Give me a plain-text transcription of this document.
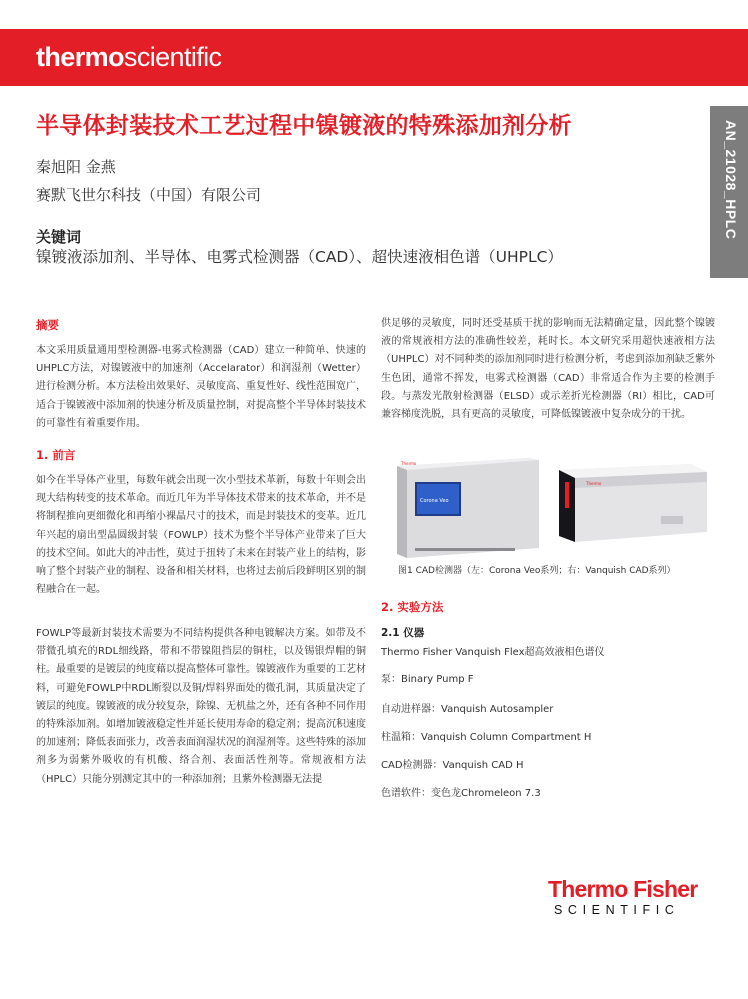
thermoscientific
AN_21028_HPLC
半导体封装技术工艺过程中镍镀液的特殊添加剂分析
秦旭阳 金燕
赛默飞世尔科技（中国）有限公司
关键词
镍镀液添加剂、半导体、电雾式检测器（CAD）、超快速液相色谱（UHPLC）
摘要
本文采用质量通用型检测器-电雾式检测器（CAD）建立一种简单、快速的UHPLC方法，对镍镀液中的加速剂（Accelarator）和润湿剂（Wetter）进行检测分析。本方法检出效果好、灵敏度高、重复性好、线性范围宽广，适合于镍镀液中添加剂的快速分析及质量控制，对提高整个半导体封装技术的可靠性有着重要作用。
1. 前言
如今在半导体产业里，每数年就会出现一次小型技术革新，每数十年则会出现大结构转变的技术革命。而近几年为半导体技术带来的技术革命，并不是将制程推向更细微化和再缩小裸晶尺寸的技术，而是封装技术的变革。近几年兴起的扇出型晶圆级封装（FOWLP）技术为整个半导体产业带来了巨大的技术空间。如此大的冲击性，莫过于扭转了未来在封装产业上的结构，影响了整个封装产业的制程、设备和相关材料，也将过去前后段鲜明区别的制程融合在一起。
FOWLP等最新封装技术需要为不同结构提供各种电镀解决方案。如带及不带微孔填充的RDL细线路，带和不带镍阻挡层的铜柱，以及锡银焊帽的铜柱。最重要的是镀层的纯度藉以提高整体可靠性。镍镀液作为重要的工艺材料，可避免FOWLP中RDL断裂以及铜/焊料界面处的微孔洞，其质量决定了镀层的纯度。镍镀液的成分较复杂，除镍、无机盐之外，还有各种不同作用的特殊添加剂。如增加镀液稳定性并延长使用寿命的稳定剂；提高沉积速度的加速剂；降低表面张力，改善表面润湿状况的润湿剂等。这些特殊的添加剂多为弱紫外吸收的有机酸、络合剂、表面活性剂等。常规液相方法（HPLC）只能分别测定其中的一种添加剂；且紫外检测器无法提
供足够的灵敏度，同时还受基质干扰的影响而无法精确定量，因此整个镍镀液的常规液相方法的准确性较差，耗时长。本文研究采用超快速液相方法（UHPLC）对不同种类的添加剂同时进行检测分析，考虑到添加剂缺乏紫外生色团，通常不挥发，电雾式检测器（CAD）非常适合作为主要的检测手段。与蒸发光散射检测器（ELSD）或示差折光检测器（RI）相比，CAD可兼容梯度洗脱，具有更高的灵敏度，可降低镍镀液中复杂成分的干扰。
Corona Veo
Thermo
Thermo
图1 CAD检测器（左：Corona Veo系列；右：Vanquish CAD系列）
2. 实验方法
2.1 仪器
Thermo Fisher Vanquish Flex超高效液相色谱仪
泵：Binary Pump F
自动进样器：Vanquish Autosampler
柱温箱：Vanquish Column Compartment H
CAD检测器：Vanquish CAD H
色谱软件：变色龙Chromeleon 7.3
Thermo Fisher
SCIENTIFIC
